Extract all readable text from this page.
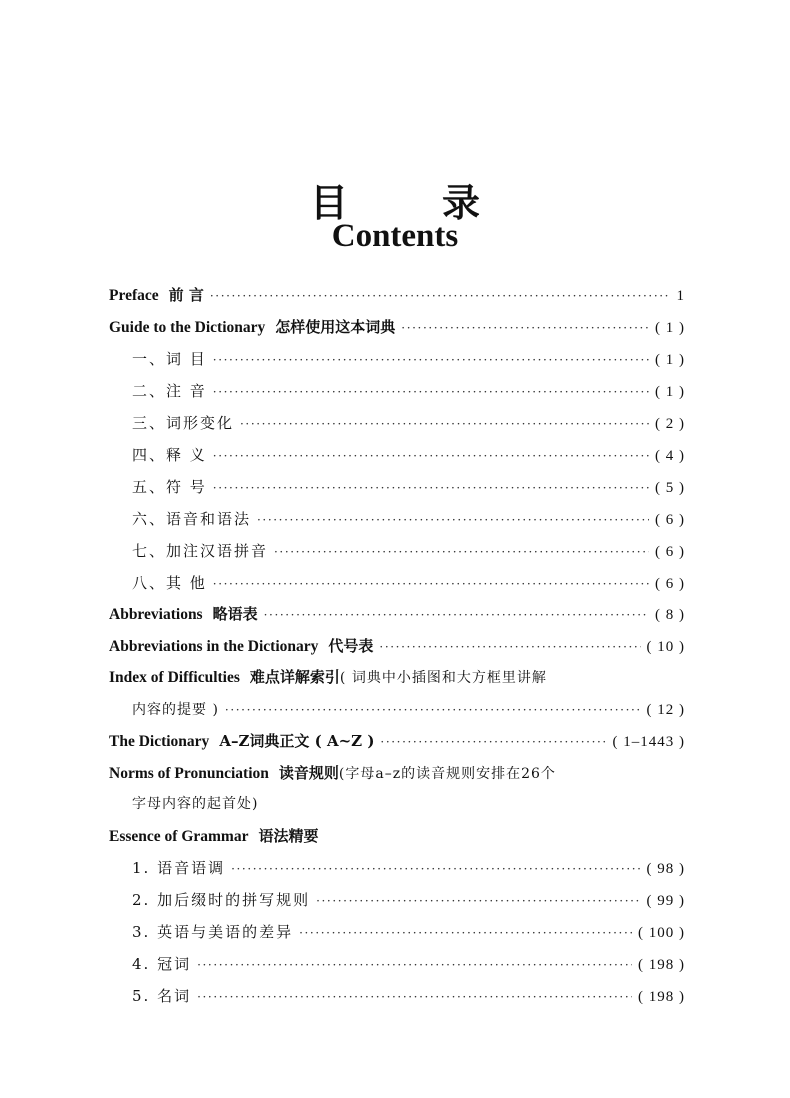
目　录
Contents
Preface 前 言 ·····	1
Guide to the Dictionary 怎样使用这本词典 ·····	( 1 )
一、词 目 ·····	( 1 )
二、注 音 ·····	( 1 )
三、词形变化 ·····	( 2 )
四、释 义 ·····	( 4 )
五、符 号 ·····	( 5 )
六、语音和语法 ·····	( 6 )
七、加注汉语拼音 ·····	( 6 )
八、其 他 ·····	( 6 )
Abbreviations 略语表 ·····	( 8 )
Abbreviations in the Dictionary 代号表 ·····	( 10 )
Index of Difficulties 难点详解索引 ( 词典中小插图和大方框里讲解
内容的提要 ) ·····	( 12 )
The Dictionary A–Z词典正文 ( A~Z ) ·····	( 1–1443 )
Norms of Pronunciation 读音规则 (字母a–z的读音规则安排在26个
字母内容的起首处)
Essence of Grammar 语法精要
1. 语音语调 ·····	( 98 )
2. 加后缀时的拼写规则 ·····	( 99 )
3. 英语与美语的差异 ·····	( 100 )
4. 冠词 ·····	( 198 )
5. 名词 ·····	( 198 )
